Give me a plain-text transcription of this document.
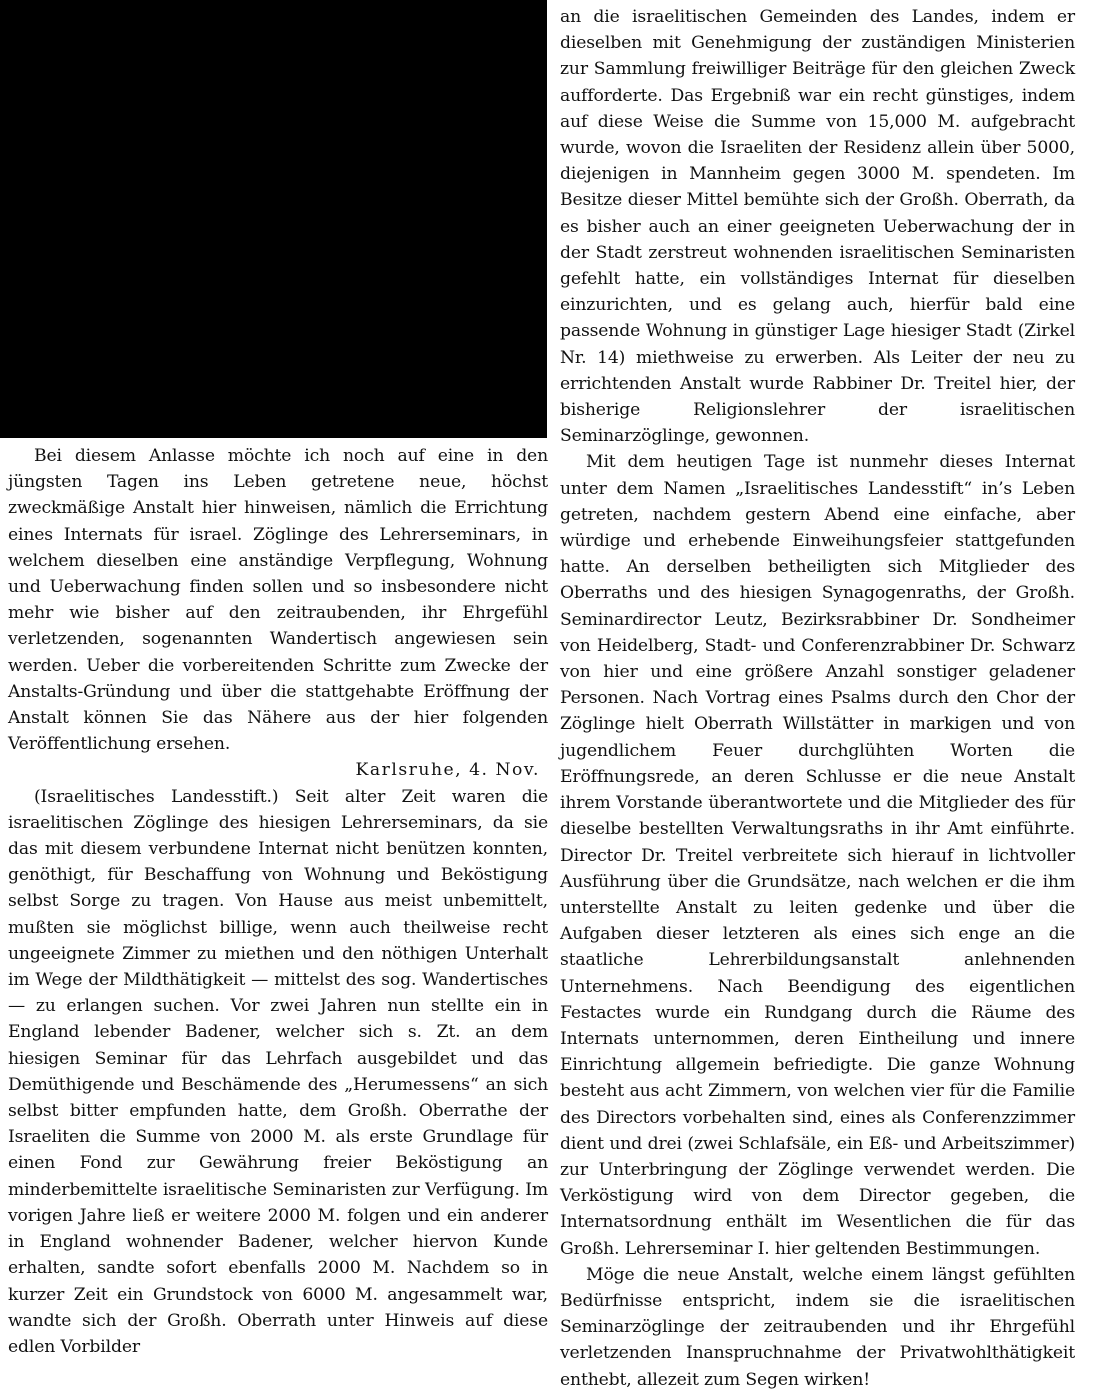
Bei diesem Anlasse möchte ich noch auf eine in den jüngsten Tagen ins Leben getretene neue, höchst zweckmäßige Anstalt hier hinweisen, nämlich die Errichtung eines Internats für israel. Zöglinge des Lehrerseminars, in welchem dieselben eine anständige Verpflegung, Wohnung und Ueberwachung finden sollen und so insbesondere nicht mehr wie bisher auf den zeitraubenden, ihr Ehrgefühl verletzenden, sogenannten Wandertisch angewiesen sein werden. Ueber die vorbereitenden Schritte zum Zwecke der Anstalts-Gründung und über die stattgehabte Eröffnung der Anstalt können Sie das Nähere aus der hier folgenden Veröffentlichung ersehen.

Karlsruhe, 4. Nov.

(Israelitisches Landesstift.) Seit alter Zeit waren die israelitischen Zöglinge des hiesigen Lehrerseminars, da sie das mit diesem verbundene Internat nicht benützen konnten, genöthigt, für Beschaffung von Wohnung und Beköstigung selbst Sorge zu tragen. Von Hause aus meist unbemittelt, mußten sie möglichst billige, wenn auch theilweise recht ungeeignete Zimmer zu miethen und den nöthigen Unterhalt im Wege der Mildthätigkeit — mittelst des sog. Wandertisches — zu erlangen suchen. Vor zwei Jahren nun stellte ein in England lebender Badener, welcher sich s. Zt. an dem hiesigen Seminar für das Lehrfach ausgebildet und das Demüthigende und Beschämende des „Herumessens“ an sich selbst bitter empfunden hatte, dem Großh. Oberrathe der Israeliten die Summe von 2000 M. als erste Grundlage für einen Fond zur Gewährung freier Beköstigung an minderbemittelte israelitische Seminaristen zur Verfügung. Im vorigen Jahre ließ er weitere 2000 M. folgen und ein anderer in England wohnender Badener, welcher hiervon Kunde erhalten, sandte sofort ebenfalls 2000 M. Nachdem so in kurzer Zeit ein Grundstock von 6000 M. angesammelt war, wandte sich der Großh. Oberrath unter Hinweis auf diese edlen Vorbilder

an die israelitischen Gemeinden des Landes, indem er dieselben mit Genehmigung der zuständigen Ministerien zur Sammlung freiwilliger Beiträge für den gleichen Zweck aufforderte. Das Ergebniß war ein recht günstiges, indem auf diese Weise die Summe von 15,000 M. aufgebracht wurde, wovon die Israeliten der Residenz allein über 5000, diejenigen in Mannheim gegen 3000 M. spendeten. Im Besitze dieser Mittel bemühte sich der Großh. Oberrath, da es bisher auch an einer geeigneten Ueberwachung der in der Stadt zerstreut wohnenden israelitischen Seminaristen gefehlt hatte, ein vollständiges Internat für dieselben einzurichten, und es gelang auch, hierfür bald eine passende Wohnung in günstiger Lage hiesiger Stadt (Zirkel Nr. 14) miethweise zu erwerben. Als Leiter der neu zu errichtenden Anstalt wurde Rabbiner Dr. Treitel hier, der bisherige Religionslehrer der israelitischen Seminarzöglinge, gewonnen.

Mit dem heutigen Tage ist nunmehr dieses Internat unter dem Namen „Israelitisches Landesstift“ in’s Leben getreten, nachdem gestern Abend eine einfache, aber würdige und erhebende Einweihungsfeier stattgefunden hatte. An derselben betheiligten sich Mitglieder des Oberraths und des hiesigen Synagogenraths, der Großh. Seminardirector Leutz, Bezirksrabbiner Dr. Sondheimer von Heidelberg, Stadt- und Conferenzrabbiner Dr. Schwarz von hier und eine größere Anzahl sonstiger geladener Personen. Nach Vortrag eines Psalms durch den Chor der Zöglinge hielt Oberrath Willstätter in markigen und von jugendlichem Feuer durchglühten Worten die Eröffnungsrede, an deren Schlusse er die neue Anstalt ihrem Vorstande überantwortete und die Mitglieder des für dieselbe bestellten Verwaltungsraths in ihr Amt einführte. Director Dr. Treitel verbreitete sich hierauf in lichtvoller Ausführung über die Grundsätze, nach welchen er die ihm unterstellte Anstalt zu leiten gedenke und über die Aufgaben dieser letzteren als eines sich enge an die staatliche Lehrerbildungsanstalt anlehnenden Unternehmens. Nach Beendigung des eigentlichen Festactes wurde ein Rundgang durch die Räume des Internats unternommen, deren Eintheilung und innere Einrichtung allgemein befriedigte. Die ganze Wohnung besteht aus acht Zimmern, von welchen vier für die Familie des Directors vorbehalten sind, eines als Conferenzzimmer dient und drei (zwei Schlafsäle, ein Eß- und Arbeitszimmer) zur Unterbringung der Zöglinge verwendet werden. Die Verköstigung wird von dem Director gegeben, die Internatsordnung enthält im Wesentlichen die für das Großh. Lehrerseminar I. hier geltenden Bestimmungen.

Möge die neue Anstalt, welche einem längst gefühlten Bedürfnisse entspricht, indem sie die israelitischen Seminarzöglinge der zeitraubenden und ihr Ehrgefühl verletzenden Inanspruchnahme der Privatwohlthätigkeit enthebt, allezeit zum Segen wirken!
